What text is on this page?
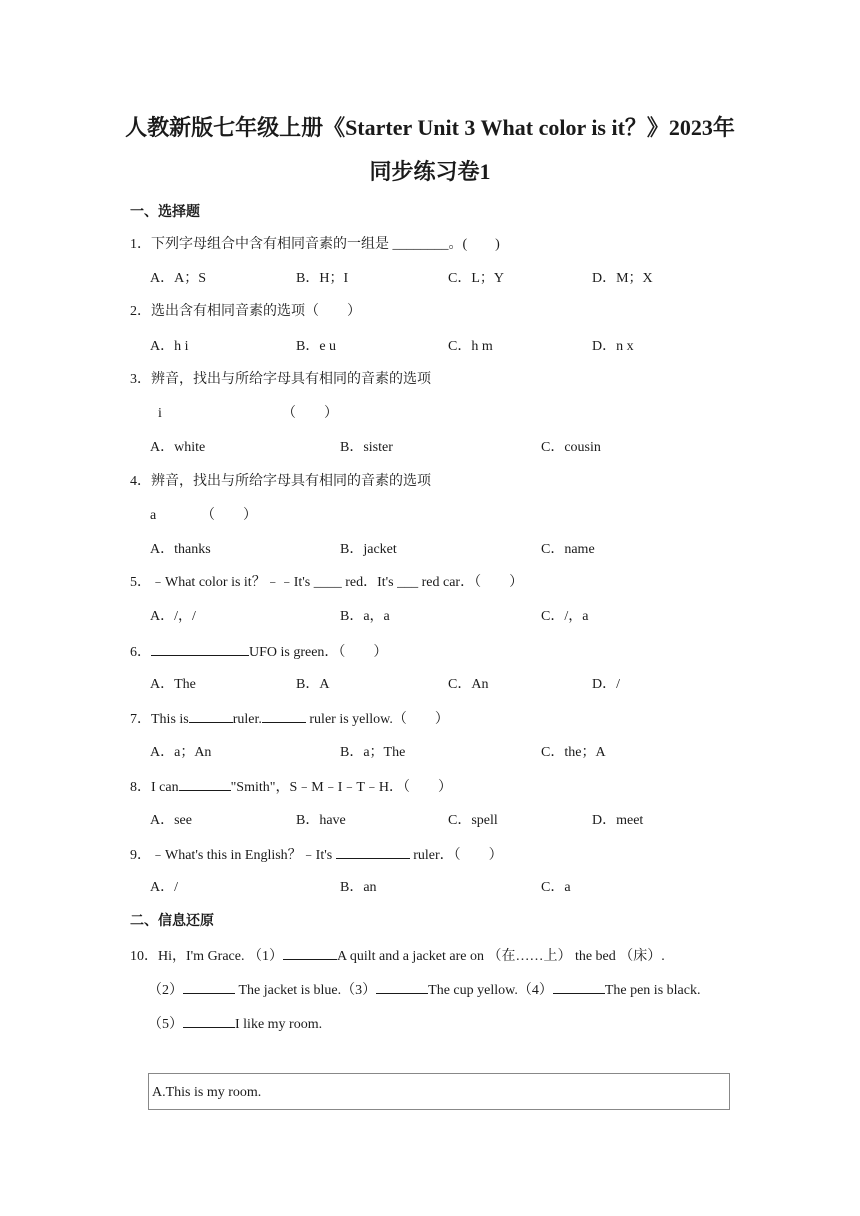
人教新版七年级上册《Starter Unit 3 What color is it？》2023年
同步练习卷1
一、选择题
1．下列字母组合中含有相同音素的一组是 ________。(　　)
A．A；S	B．H；I	C．L；Y	D．M；X
2．选出含有相同音素的选项（　　）
A．h i	B．e u	C．h m	D．n x
3．辨音，找出与所给字母具有相同的音素的选项
i	（　　）
A．white	B．sister	C．cousin
4．辨音，找出与所给字母具有相同的音素的选项
a	（　　）
A．thanks	B．jacket	C．name
5．﹣What color is it？﹣﹣It's ____ red．It's ___ red car．（　　）
A．/，/	B．a，a	C．/，a
6．	UFO is green．（　　）
A．The	B．A	C．An	D．/
7．This is	ruler.	ruler is yellow.（　　）
A．a；An	B．a；The	C．the；A
8．I can	"Smith"，S﹣M﹣I﹣T﹣H．（　　）
A．see	B．have	C．spell	D．meet
9．﹣What's this in English？﹣It's	ruler．（　　）
A．/	B．an	C．a
二、信息还原
10．Hi，I'm Grace. （1）	A quilt and a jacket are on （在……上） the bed （床）.
（2）	The jacket is blue.（3）	The cup yellow.（4）	The pen is black.
（5）	I like my room.
A.This is my room.
